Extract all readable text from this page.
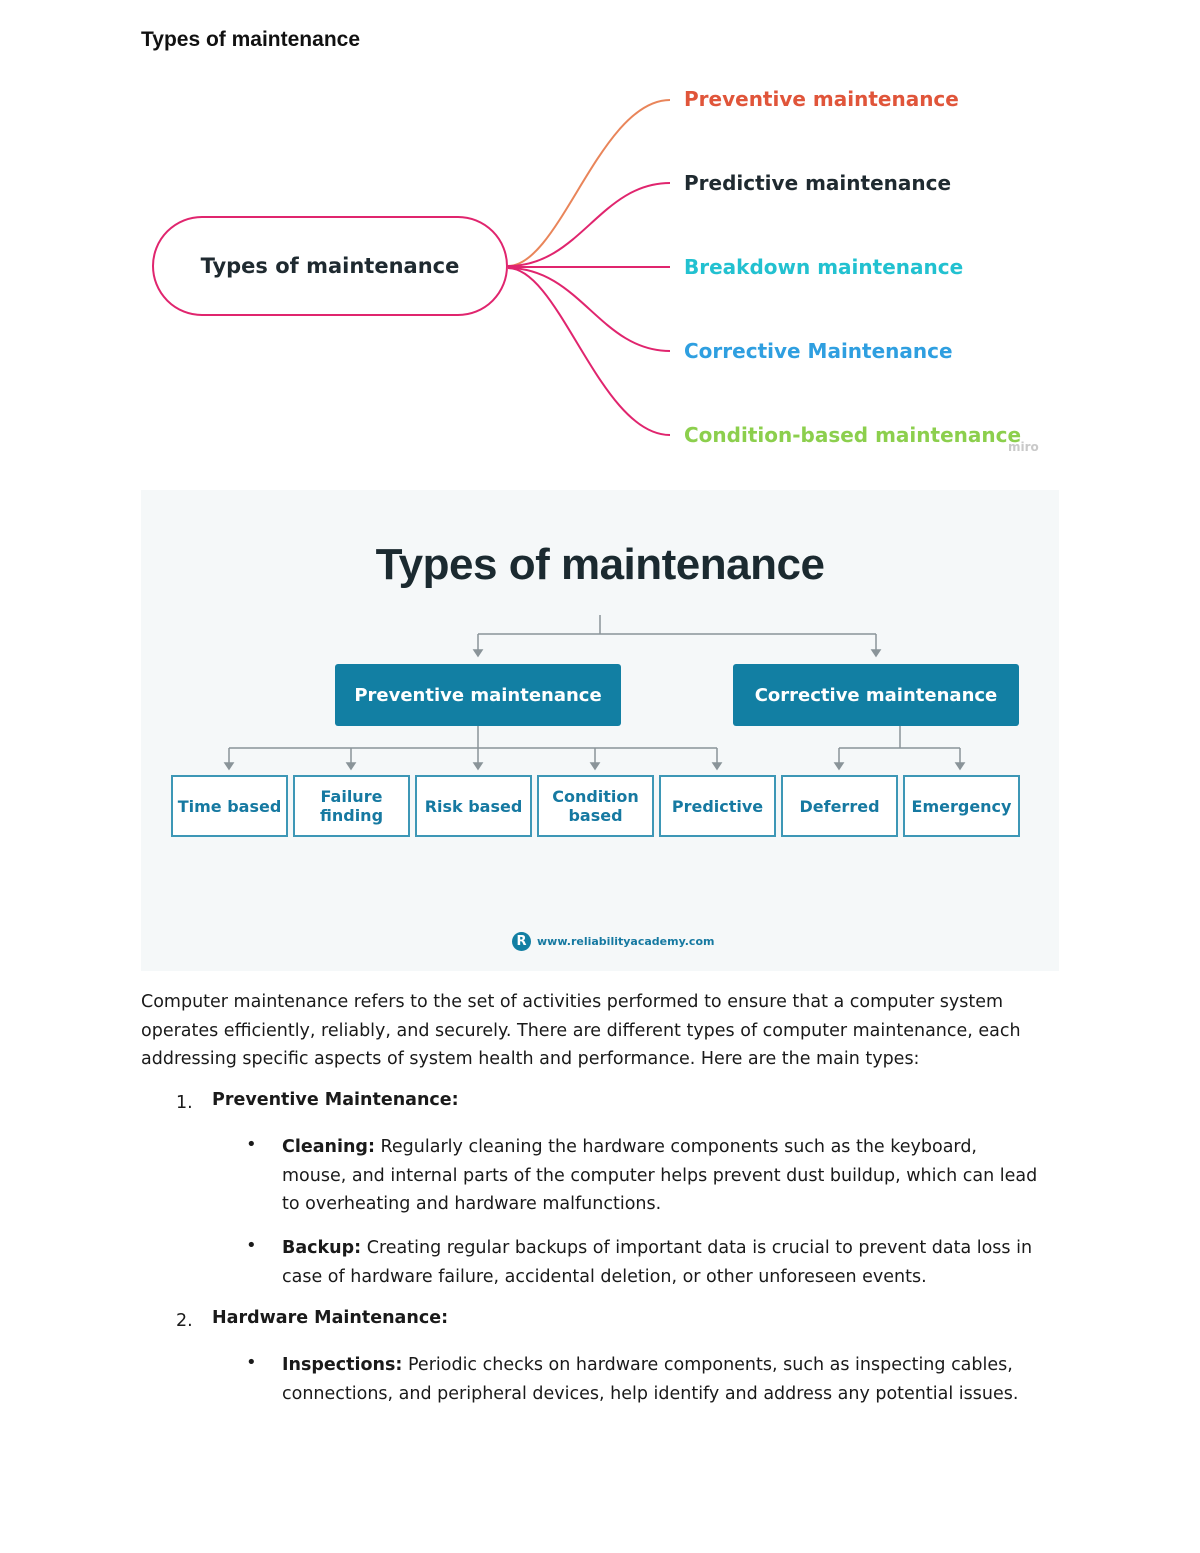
Types of maintenance
Types of maintenance
Preventive maintenance
Predictive maintenance
Breakdown maintenance
Corrective Maintenance
Condition-based maintenance
miro
Types of maintenance
Preventive maintenance	Corrective maintenance
Time based	Failure finding	Risk based	Condition based	Predictive	Deferred	Emergency
R www.reliabilityacademy.com
Computer maintenance refers to the set of activities performed to ensure that a computer system operates efficiently, reliably, and securely. There are different types of computer maintenance, each addressing specific aspects of system health and performance. Here are the main types:
1. Preventive Maintenance:
• Cleaning: Regularly cleaning the hardware components such as the keyboard, mouse, and internal parts of the computer helps prevent dust buildup, which can lead to overheating and hardware malfunctions.
• Backup: Creating regular backups of important data is crucial to prevent data loss in case of hardware failure, accidental deletion, or other unforeseen events.
2. Hardware Maintenance:
• Inspections: Periodic checks on hardware components, such as inspecting cables, connections, and peripheral devices, help identify and address any potential issues.
